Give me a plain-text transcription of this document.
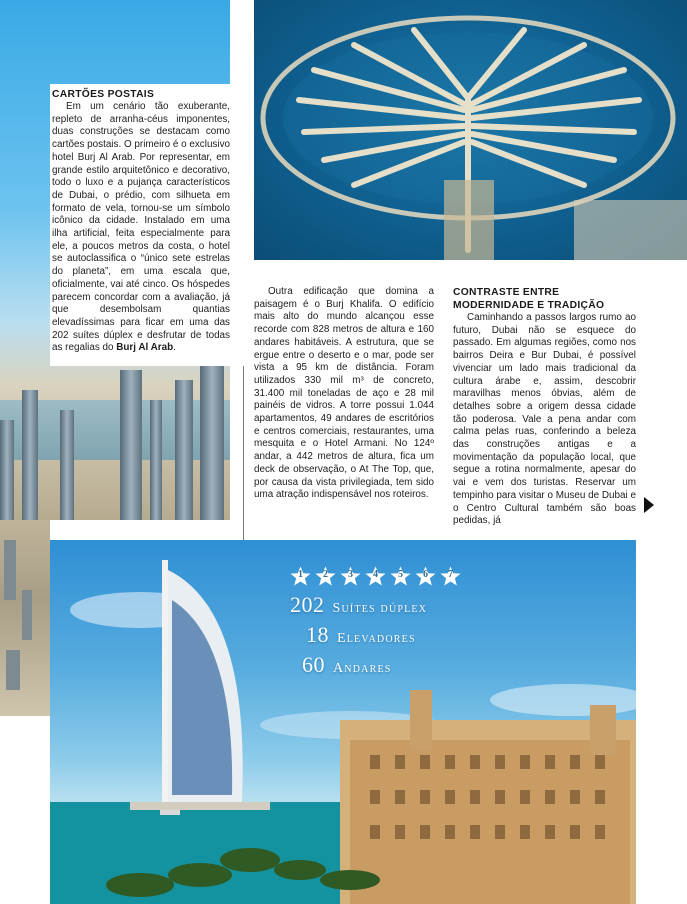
CARTÕES POSTAIS

Em um cenário tão exuberante, repleto de arranha-céus imponentes, duas construções se destacam como cartões postais. O primeiro é o exclusivo hotel Burj Al Arab. Por representar, em grande estilo arquitetônico e decorativo, todo o luxo e a pujança característicos de Dubai, o prédio, com silhueta em formato de vela, tornou-se um símbolo icônico da cidade. Instalado em uma ilha artificial, feita especialmente para ele, a poucos metros da costa, o hotel se autoclassifica o “único sete estrelas do planeta”, em uma escala que, oficialmente, vai até cinco. Os hóspedes parecem concordar com a avaliação, já que desembolsam quantias elevadíssimas para ficar em uma das 202 suítes dúplex e desfrutar de todas as regalias do Burj Al Arab.

Outra edificação que domina a paisagem é o Burj Khalifa. O edifício mais alto do mundo alcançou esse recorde com 828 metros de altura e 160 andares habitáveis. A estrutura, que se ergue entre o deserto e o mar, pode ser vista a 95 km de distância. Foram utilizados 330 mil m³ de concreto, 31.400 mil toneladas de aço e 28 mil painéis de vidros. A torre possui 1.044 apartamentos, 49 andares de escritórios e centros comerciais, restaurantes, uma mesquita e o Hotel Armani. No 124º andar, a 442 metros de altura, fica um deck de observação, o At The Top, que, por causa da vista privilegiada, tem sido uma atração indispensável nos roteiros.

CONTRASTE ENTRE

MODERNIDADE E TRADIÇÃO

Caminhando a passos largos rumo ao futuro, Dubai não se esquece do passado. Em algumas regiões, como nos bairros Deira e Bur Dubai, é possível vivenciar um lado mais tradicional da cultura árabe e, assim, descobrir maravilhas menos óbvias, além de detalhes sobre a origem dessa cidade tão poderosa. Vale a pena andar com calma pelas ruas, conferindo a beleza das construções antigas e a movimentação da população local, que segue a rotina normalmente, apesar do vai e vem dos turistas. Reservar um tempinho para visitar o Museu de Dubai e o Centro Cultural também são boas pedidas, já

1	2	3	4	5	6	7
202 Suítes dúplex
18 Elevadores
60 Andares
